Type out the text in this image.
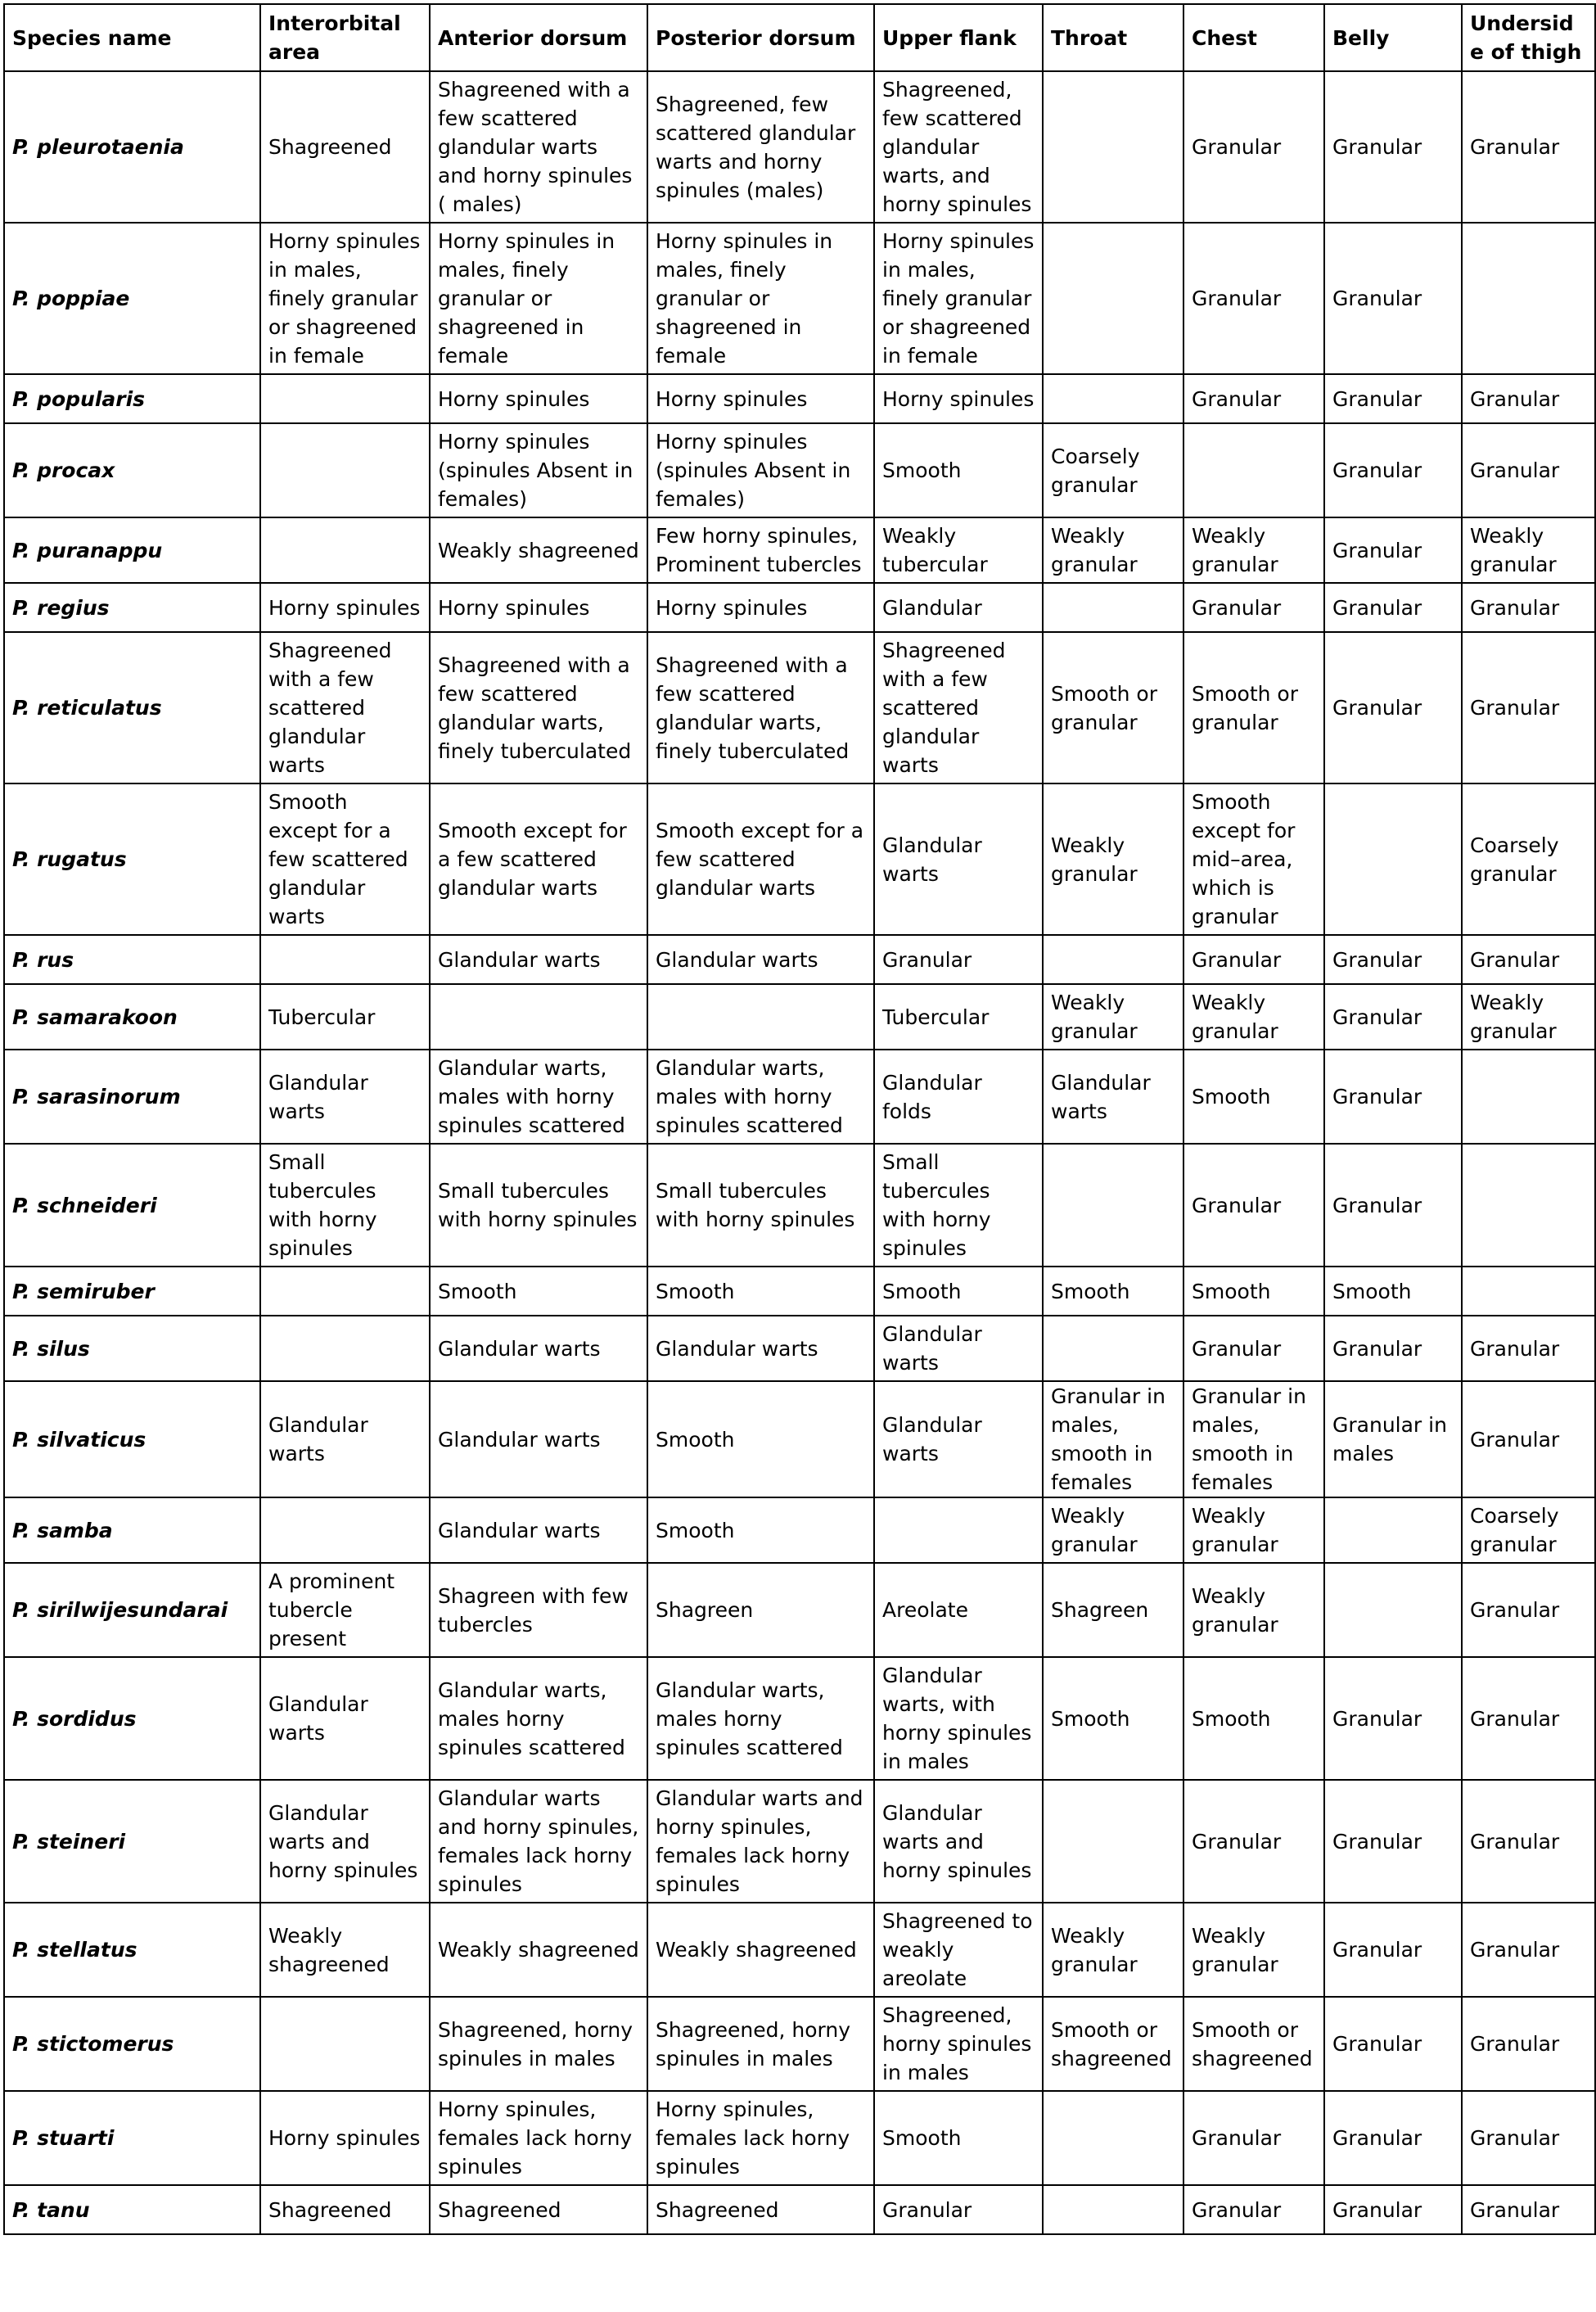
Species name	Interorbital area	Anterior dorsum	Posterior dorsum	Upper flank	Throat	Chest	Belly	Underside of thigh
P. pleurotaenia	Shagreened	Shagreened with a few scattered glandular warts and horny spinules ( males)	Shagreened, few scattered glandular warts and horny spinules (males)	Shagreened, few scattered glandular warts, and horny spinules		Granular	Granular	Granular
P. poppiae	Horny spinules in males, finely granular or shagreened in female	Horny spinules in males, finely granular or shagreened in female	Horny spinules in males, finely granular or shagreened in female	Horny spinules in males, finely granular or shagreened in female		Granular	Granular	
P. popularis		Horny spinules	Horny spinules	Horny spinules		Granular	Granular	Granular
P. procax		Horny spinules (spinules Absent in females)	Horny spinules (spinules Absent in females)	Smooth	Coarsely granular		Granular	Granular
P. puranappu		Weakly shagreened	Few horny spinules, Prominent tubercles	Weakly tubercular	Weakly granular	Weakly granular	Granular	Weakly granular
P. regius	Horny spinules	Horny spinules	Horny spinules	Glandular		Granular	Granular	Granular
P. reticulatus	Shagreened with a few scattered glandular warts	Shagreened with a few scattered glandular warts, finely tuberculated	Shagreened with a few scattered glandular warts, finely tuberculated	Shagreened with a few scattered glandular warts	Smooth or granular	Smooth or granular	Granular	Granular
P. rugatus	Smooth except for a few scattered glandular warts	Smooth except for a few scattered glandular warts	Smooth except for a few scattered glandular warts	Glandular warts	Weakly granular	Smooth except for mid–area, which is granular		Coarsely granular
P. rus		Glandular warts	Glandular warts	Granular		Granular	Granular	Granular
P. samarakoon	Tubercular			Tubercular	Weakly granular	Weakly granular	Granular	Weakly granular
P. sarasinorum	Glandular warts	Glandular warts, males with horny spinules scattered	Glandular warts, males with horny spinules scattered	Glandular folds	Glandular warts	Smooth	Granular	
P. schneideri	Small tubercules with horny spinules	Small tubercules with horny spinules	Small tubercules with horny spinules	Small tubercules with horny spinules		Granular	Granular	
P. semiruber		Smooth	Smooth	Smooth	Smooth	Smooth	Smooth	
P. silus		Glandular warts	Glandular warts	Glandular warts		Granular	Granular	Granular
P. silvaticus	Glandular warts	Glandular warts	Smooth	Glandular warts	Granular in males, smooth in females	Granular in males, smooth in females	Granular in males	Granular
P. samba		Glandular warts	Smooth		Weakly granular	Weakly granular		Coarsely granular
P. sirilwijesundarai	A prominent tubercle present	Shagreen with few tubercles	Shagreen	Areolate	Shagreen	Weakly granular		Granular
P. sordidus	Glandular warts	Glandular warts, males horny spinules scattered	Glandular warts, males horny spinules scattered	Glandular warts, with horny spinules in males	Smooth	Smooth	Granular	Granular
P. steineri	Glandular warts and horny spinules	Glandular warts and horny spinules, females lack horny spinules	Glandular warts and horny spinules, females lack horny spinules	Glandular warts and horny spinules		Granular	Granular	Granular
P. stellatus	Weakly shagreened	Weakly shagreened	Weakly shagreened	Shagreened to weakly areolate	Weakly granular	Weakly granular	Granular	Granular
P. stictomerus		Shagreened, horny spinules in males	Shagreened, horny spinules in males	Shagreened, horny spinules in males	Smooth or shagreened	Smooth or shagreened	Granular	Granular
P. stuarti	Horny spinules	Horny spinules, females lack horny spinules	Horny spinules, females lack horny spinules	Smooth		Granular	Granular	Granular
P. tanu	Shagreened	Shagreened	Shagreened	Granular		Granular	Granular	Granular
